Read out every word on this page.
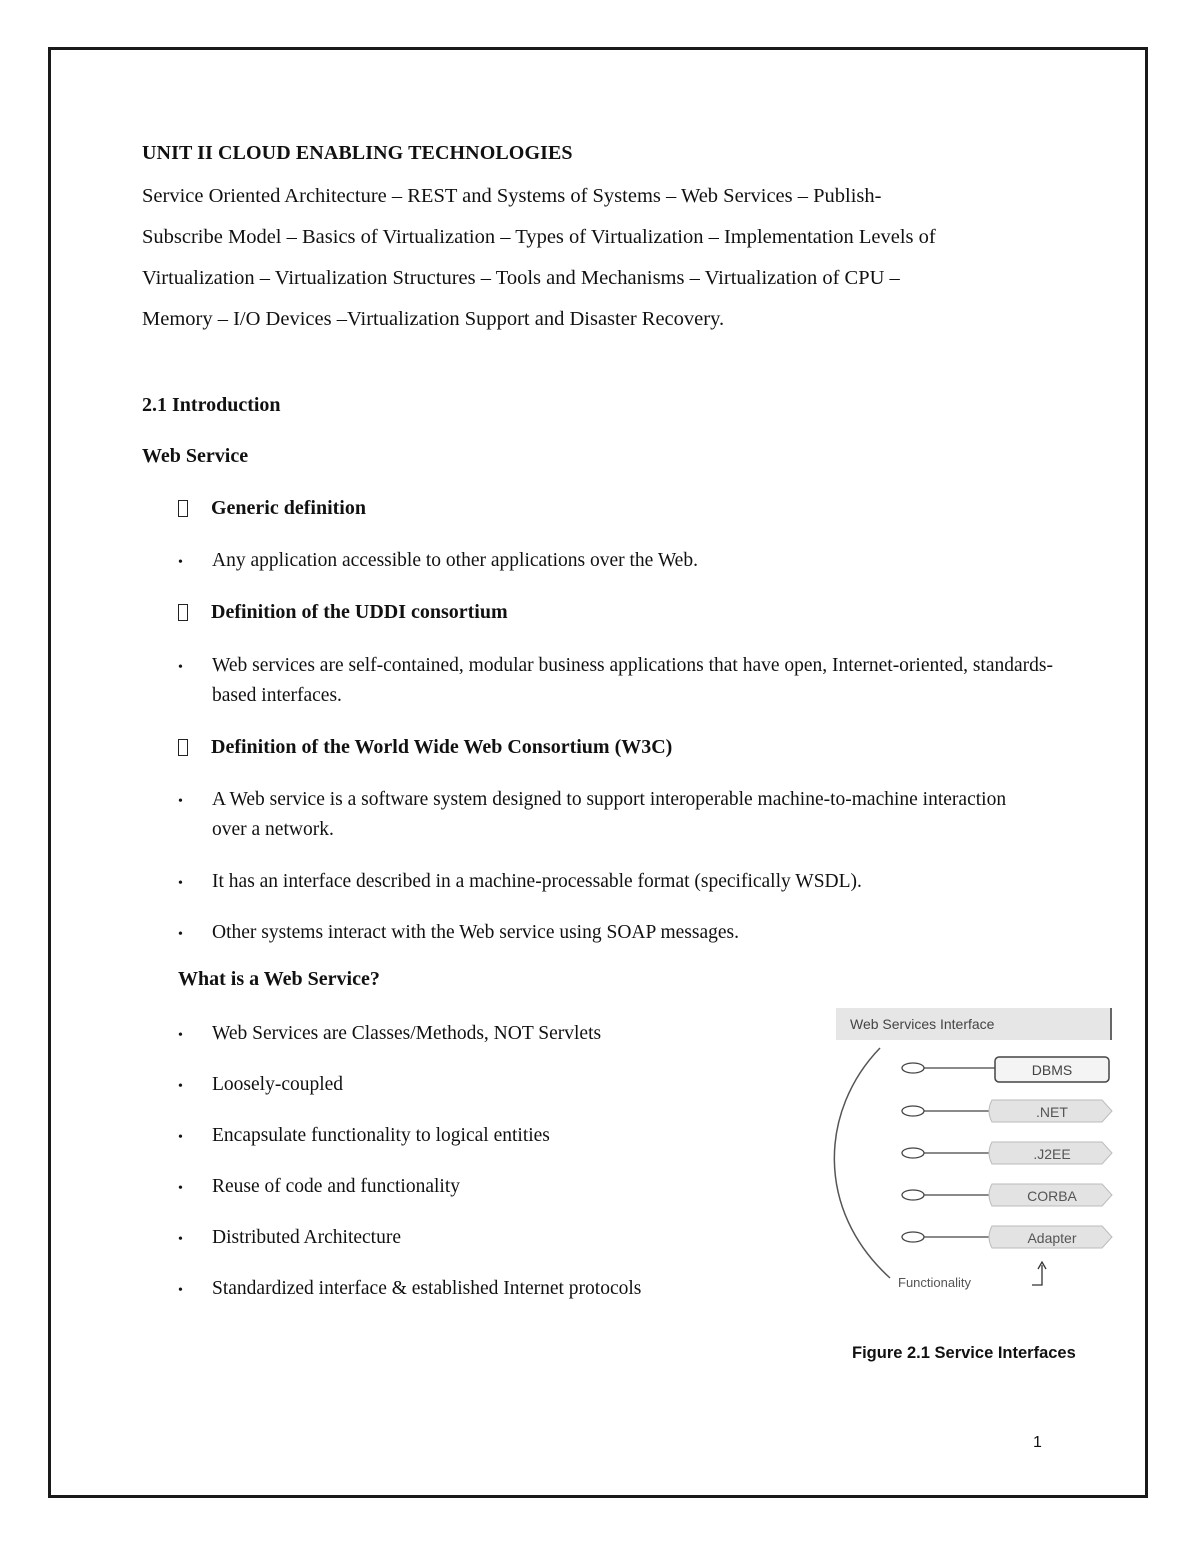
UNIT II CLOUD ENABLING TECHNOLOGIES
Service Oriented Architecture – REST and Systems of Systems – Web Services – Publish-
Subscribe Model – Basics of Virtualization – Types of Virtualization – Implementation Levels of
Virtualization – Virtualization Structures – Tools and Mechanisms – Virtualization of CPU –
Memory – I/O Devices –Virtualization Support and Disaster Recovery.
2.1 Introduction
Web Service
Generic definition
•	Any application accessible to other applications over the Web.
Definition of the UDDI consortium
•	Web services are self-contained, modular business applications that have open, Internet-oriented, standards-based interfaces.
Definition of the World Wide Web Consortium (W3C)
•	A Web service is a software system designed to support interoperable machine-to-machine interaction over a network.
•	It has an interface described in a machine-processable format (specifically WSDL).
•	Other systems interact with the Web service using SOAP messages.
What is a Web Service?
•	Web Services are Classes/Methods, NOT Servlets
•	Loosely-coupled
•	Encapsulate functionality to logical entities
•	Reuse of code and functionality
•	Distributed Architecture
•	Standardized interface & established Internet protocols
Web Services Interface
DBMS
.NET
.J2EE
CORBA
Adapter
Functionality
Figure 2.1 Service Interfaces
1
